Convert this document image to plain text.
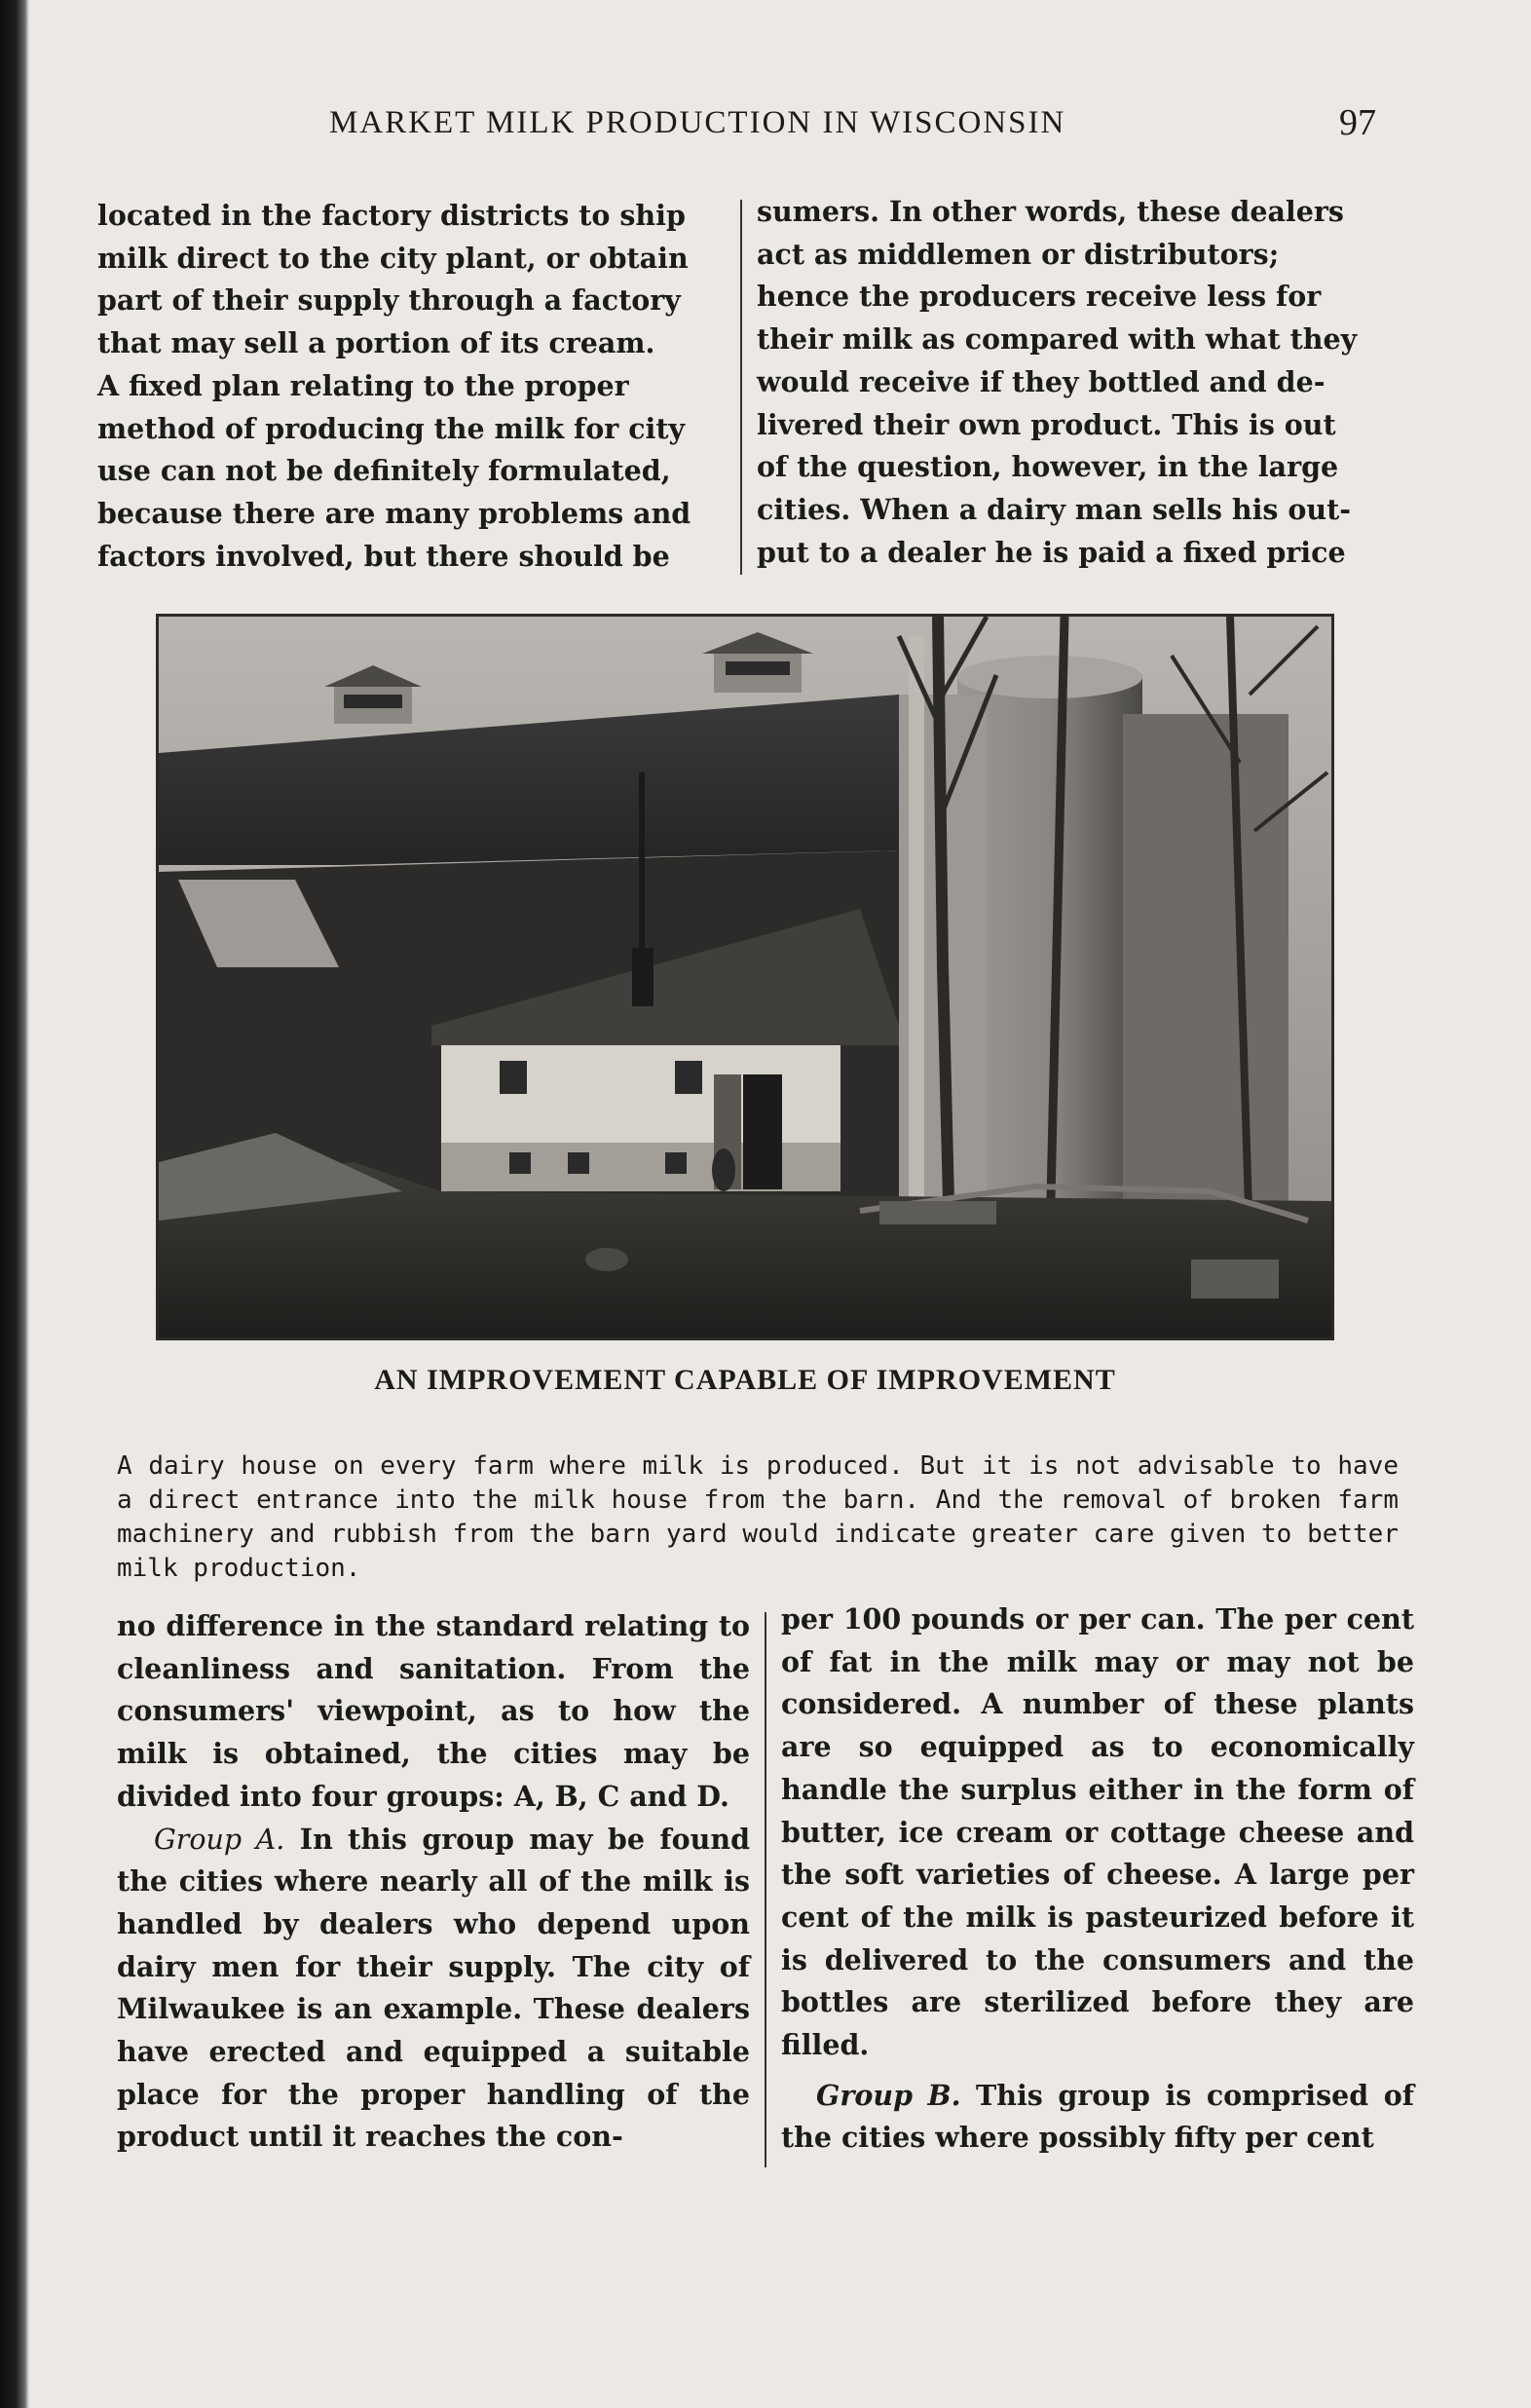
MARKET MILK PRODUCTION IN WISCONSIN	97

located in the factory districts to ship

milk direct to the city plant, or obtain

part of their supply through a factory

that may sell a portion of its cream.

A fixed plan relating to the proper

method of producing the milk for city

use can not be definitely formulated,

because there are many problems and

factors involved, but there should be

sumers. In other words, these dealers

act as middlemen or distributors;

hence the producers receive less for

their milk as compared with what they

would receive if they bottled and de-

livered their own product. This is out

of the question, however, in the large

cities. When a dairy man sells his out-

put to a dealer he is paid a fixed price

AN IMPROVEMENT CAPABLE OF IMPROVEMENT

A dairy house on every farm where milk is produced. But it is not advisable to have a direct entrance into the milk house from the barn. And the removal of broken farm machinery and rubbish from the barn yard would indicate greater care given to better milk production.

no difference in the standard relating to cleanliness and sanitation. From the consumers' viewpoint, as to how the milk is obtained, the cities may be divided into four groups: A, B, C and D.

Group A. In this group may be found the cities where nearly all of the milk is handled by dealers who depend upon dairy men for their supply. The city of Milwaukee is an example. These dealers have erected and equipped a suitable place for the proper handling of the product until it reaches the con-

per 100 pounds or per can. The per cent of fat in the milk may or may not be considered. A number of these plants are so equipped as to economically handle the surplus either in the form of butter, ice cream or cottage cheese and the soft varieties of cheese. A large per cent of the milk is pasteurized before it is delivered to the consumers and the bottles are sterilized before they are filled.

Group B. This group is comprised of the cities where possibly fifty per cent
